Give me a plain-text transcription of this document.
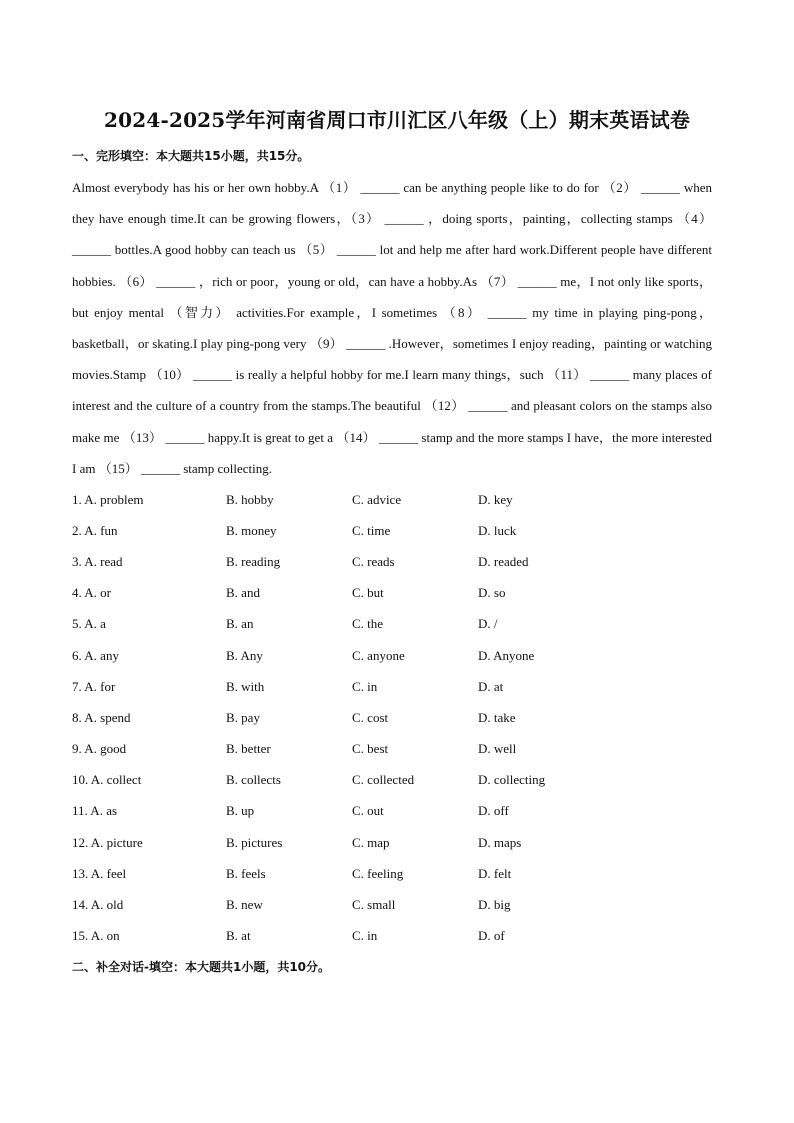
2024-2025学年河南省周口市川汇区八年级（上）期末英语试卷
一、完形填空：本大题共15小题，共15分。
Almost everybody has his or her own hobby.A （1） ______ can be anything people like to do for （2） ______ when they have enough time.It can be growing flowers，（3） ______ ，doing sports，painting，collecting stamps （4） ______ bottles.A good hobby can teach us （5） ______ lot and help me after hard work.Different people have different hobbies. （6） ______ ，rich or poor，young or old，can have a hobby.As （7） ______ me，I not only like sports，but enjoy mental （智力） activities.For example，I sometimes （8） ______ my time in playing ping-pong，basketball，or skating.I play ping-pong very （9） ______ .However，sometimes I enjoy reading，painting or watching movies.Stamp （10） ______ is really a helpful hobby for me.I learn many things，such （11） ______ many places of interest and the culture of a country from the stamps.The beautiful （12） ______ and pleasant colors on the stamps also make me （13） ______ happy.It is great to get a （14） ______ stamp and the more stamps I have，the more interested I am （15） ______ stamp collecting.
1. A. problem	B. hobby	C. advice	D. key
2. A. fun	B. money	C. time	D. luck
3. A. read	B. reading	C. reads	D. readed
4. A. or	B. and	C. but	D. so
5. A. a	B. an	C. the	D. /
6. A. any	B. Any	C. anyone	D. Anyone
7. A. for	B. with	C. in	D. at
8. A. spend	B. pay	C. cost	D. take
9. A. good	B. better	C. best	D. well
10. A. collect	B. collects	C. collected	D. collecting
11. A. as	B. up	C. out	D. off
12. A. picture	B. pictures	C. map	D. maps
13. A. feel	B. feels	C. feeling	D. felt
14. A. old	B. new	C. small	D. big
15. A. on	B. at	C. in	D. of
二、补全对话-填空：本大题共1小题，共10分。
